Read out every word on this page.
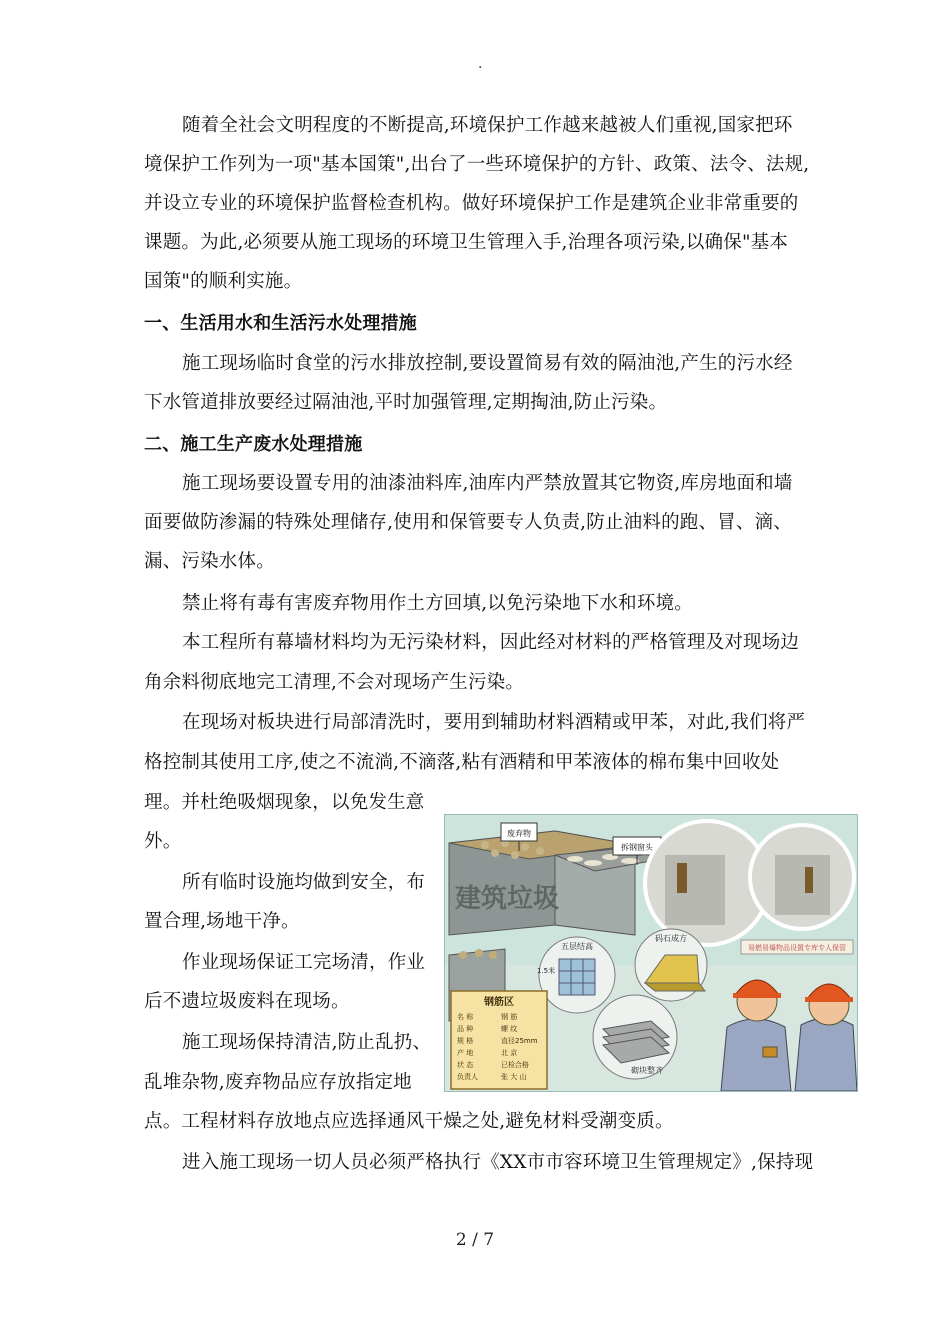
.
随着全社会文明程度的不断提高,环境保护工作越来越被人们重视,国家把环
境保护工作列为一项"基本国策",出台了一些环境保护的方针、政策、法令、法规,
并设立专业的环境保护监督检查机构。做好环境保护工作是建筑企业非常重要的
课题。为此,必须要从施工现场的环境卫生管理入手,治理各项污染,以确保"基本
国策"的顺利实施。
一、生活用水和生活污水处理措施
施工现场临时食堂的污水排放控制,要设置简易有效的隔油池,产生的污水经
下水管道排放要经过隔油池,平时加强管理,定期掏油,防止污染。
二、施工生产废水处理措施
施工现场要设置专用的油漆油料库,油库内严禁放置其它物资,库房地面和墙
面要做防渗漏的特殊处理储存,使用和保管要专人负责,防止油料的跑、冒、滴、
漏、污染水体。
禁止将有毒有害废弃物用作土方回填,以免污染地下水和环境。
本工程所有幕墙材料均为无污染材料，因此经对材料的严格管理及对现场边
角余料彻底地完工清理,不会对现场产生污染。
在现场对板块进行局部清洗时，要用到辅助材料酒精或甲苯，对此,我们将严
格控制其使用工序,使之不流淌,不滴落,粘有酒精和甲苯液体的棉布集中回收处
理。并杜绝吸烟现象，以免发生意
外。
所有临时设施均做到安全，布
置合理,场地干净。
作业现场保证工完场清，作业
后不遗垃圾废料在现场。
施工现场保持清洁,防止乱扔、
乱堆杂物,废弃物品应存放指定地
点。工程材料存放地点应选择通风干燥之处,避免材料受潮变质。
进入施工现场一切人员必须严格执行《XX市市容环境卫生管理规定》,保持现
建筑垃圾
废弃物
拆钢窗头
易燃易爆物品设置专库专人保管
五层结高
1.5米
码石成方
砌块整齐
钢筋区
名 称	钢 筋
品 种	螺 纹
规 格	直径25mm
产 地	北 京
状 态	已检合格
负责人	张 大 山
2 / 7
